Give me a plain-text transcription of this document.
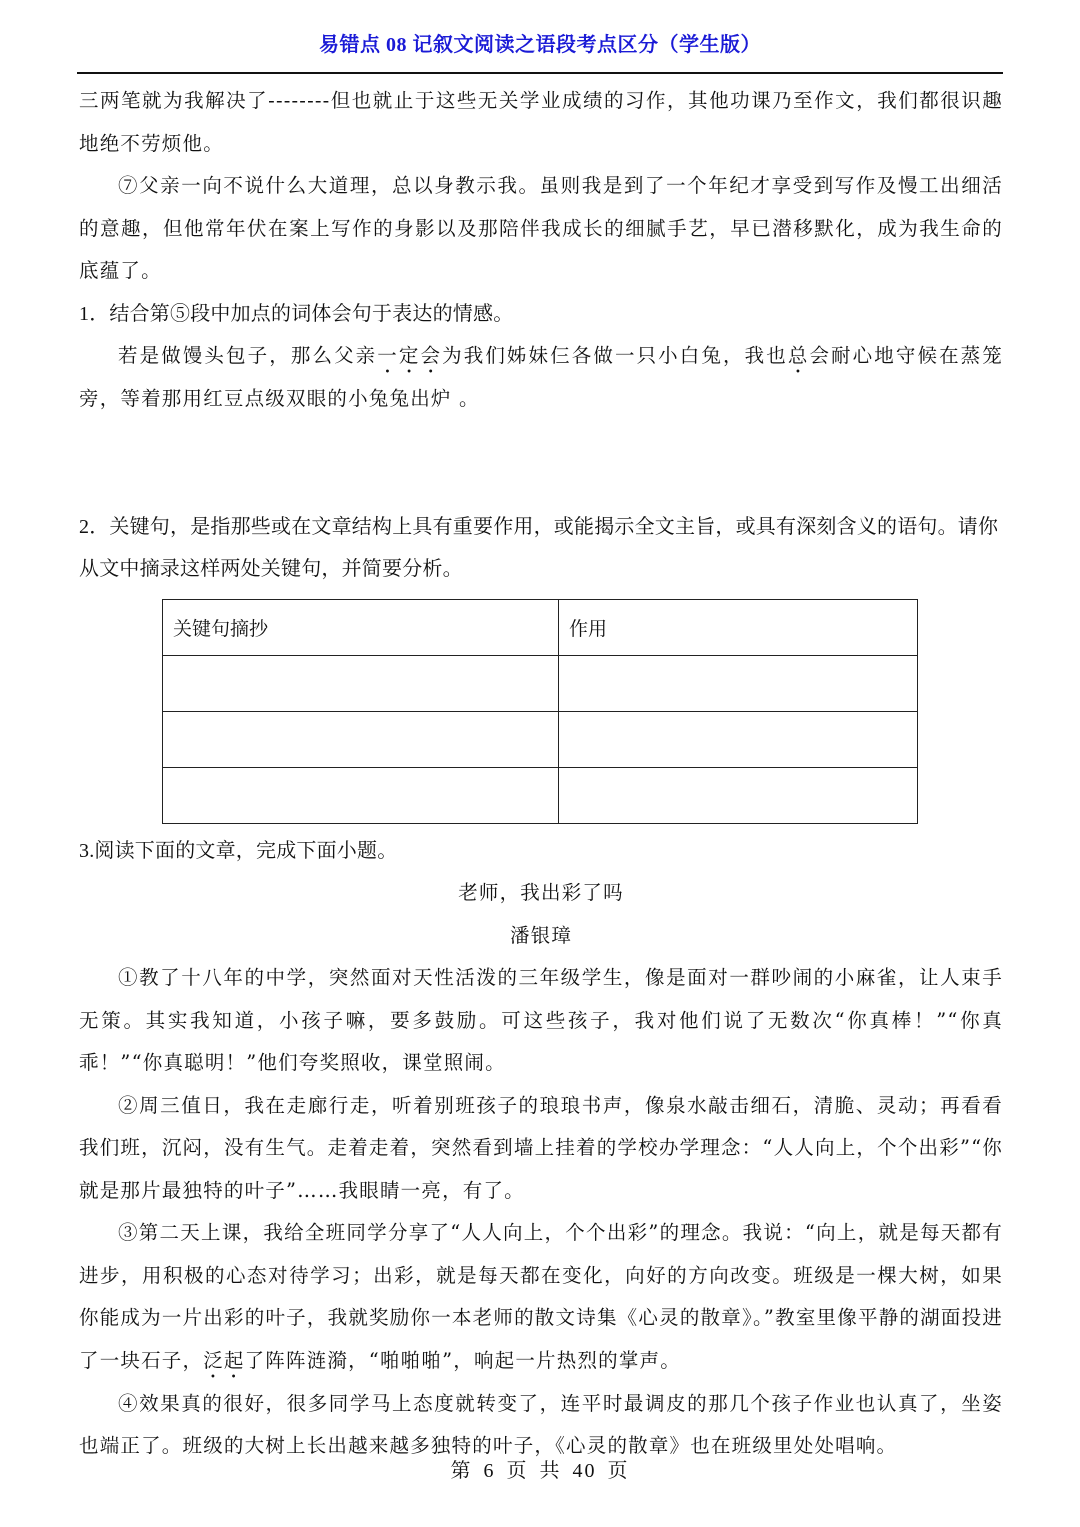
易错点 08 记叙文阅读之语段考点区分（学生版）

三两笔就为我解决了--------但也就止于这些无关学业成绩的习作，其他功课乃至作文，我们都很识趣地绝不劳烦他。

⑦父亲一向不说什么大道理，总以身教示我。虽则我是到了一个年纪才享受到写作及慢工出细活的意趣，但他常年伏在案上写作的身影以及那陪伴我成长的细腻手艺，早已潜移默化，成为我生命的底蕴了。

1．结合第⑤段中加点的词体会句于表达的情感。

若是做馒头包子，那么父亲一定会为我们姊妹仨各做一只小白兔，我也总会耐心地守候在蒸笼旁，等着那用红豆点级双眼的小兔兔出炉 。

2．关键句，是指那些或在文章结构上具有重要作用，或能揭示全文主旨，或具有深刻含义的语句。请你从文中摘录这样两处关键句，并简要分析。

关键句摘抄	作用

3.阅读下面的文章，完成下面小题。

老师，我出彩了吗

潘银璋

①教了十八年的中学，突然面对天性活泼的三年级学生，像是面对一群吵闹的小麻雀，让人束手无策。其实我知道，小孩子嘛，要多鼓励。可这些孩子，我对他们说了无数次“你真棒！”“你真乖！”“你真聪明！”他们夸奖照收，课堂照闹。

②周三值日，我在走廊行走，听着别班孩子的琅琅书声，像泉水敲击细石，清脆、灵动；再看看我们班，沉闷，没有生气。走着走着，突然看到墙上挂着的学校办学理念：“人人向上，个个出彩”“你就是那片最独特的叶子”……我眼睛一亮，有了。

③第二天上课，我给全班同学分享了“人人向上，个个出彩”的理念。我说：“向上，就是每天都有进步，用积极的心态对待学习；出彩，就是每天都在变化，向好的方向改变。班级是一棵大树，如果你能成为一片出彩的叶子，我就奖励你一本老师的散文诗集《心灵的散章》。”教室里像平静的湖面投进了一块石子，泛起了阵阵涟漪，“啪啪啪”，响起一片热烈的掌声。

④效果真的很好，很多同学马上态度就转变了，连平时最调皮的那几个孩子作业也认真了，坐姿也端正了。班级的大树上长出越来越多独特的叶子，《心灵的散章》也在班级里处处唱响。

第 6 页 共 40 页
